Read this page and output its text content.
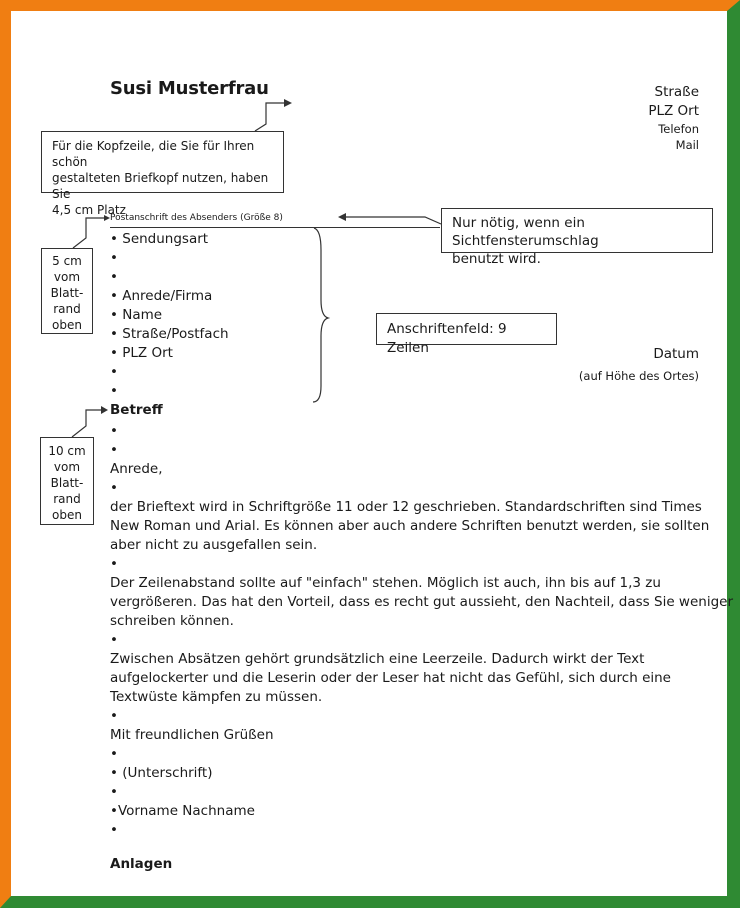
Susi Musterfrau	Straße
PLZ Ort
Telefon
Mail
Für die Kopfzeile, die Sie für Ihren schön
gestalteten Briefkopf nutzen, haben Sie
4,5 cm Platz
Nur nötig, wenn ein Sichtfensterumschlag
benutzt wird.
5 cm
vom
Blatt-
rand
oben
10 cm
vom
Blatt-
rand
oben
Anschriftenfeld: 9 Zeilen
Postanschrift des Absenders (Größe 8)
• Sendungsart
•
•
• Anrede/Firma
• Name
• Straße/Postfach
• PLZ Ort
•
•
Datum
(auf Höhe des Ortes)
Betreff
•
•
Anrede,
•
der Brieftext wird in Schriftgröße 11 oder 12 geschrieben. Standardschriften sind Times
New Roman und Arial. Es können aber auch andere Schriften benutzt werden, sie sollten
aber nicht zu ausgefallen sein.
•
Der Zeilenabstand sollte auf "einfach" stehen. Möglich ist auch, ihn bis auf 1,3 zu
vergrößeren. Das hat den Vorteil, dass es recht gut aussieht, den Nachteil, dass Sie weniger
schreiben können.
•
Zwischen Absätzen gehört grundsätzlich eine Leerzeile. Dadurch wirkt der Text
aufgelockerter und die Leserin oder der Leser hat nicht das Gefühl, sich durch eine
Textwüste kämpfen zu müssen.
•
Mit freundlichen Grüßen
•
• (Unterschrift)
•
•Vorname Nachname
•
Anlagen
